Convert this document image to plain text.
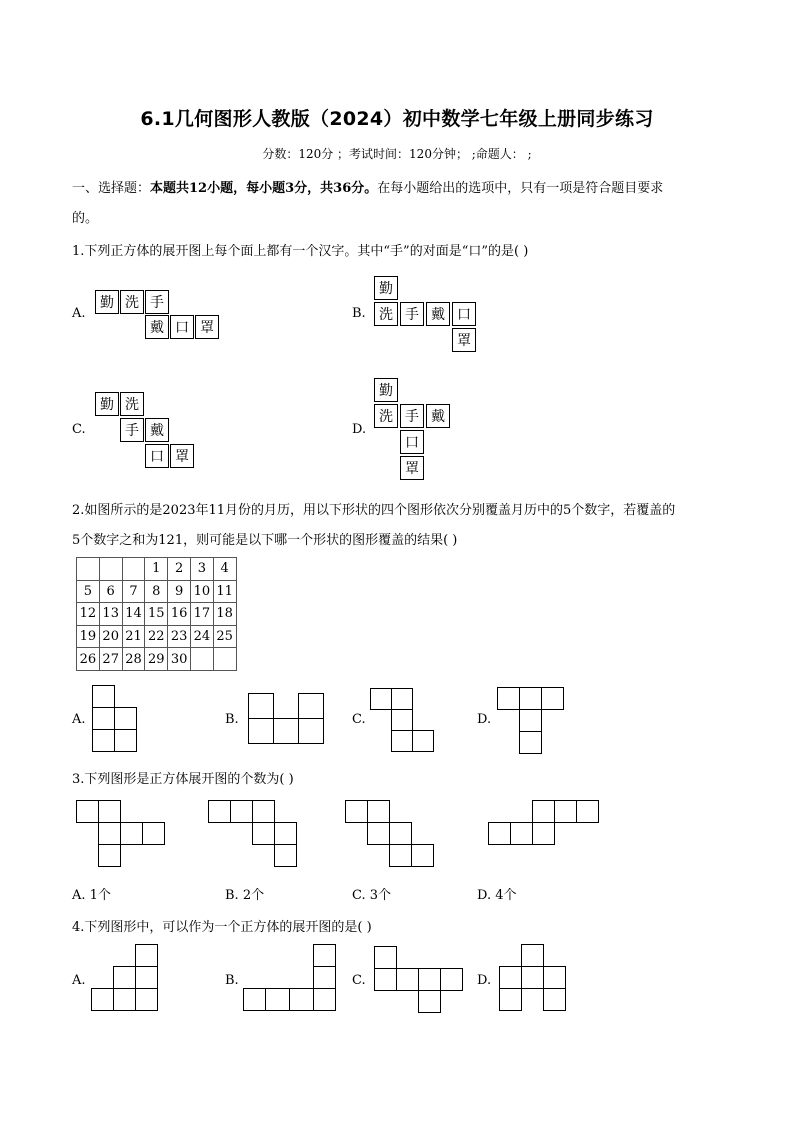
6.1几何图形人教版（2024）初中数学七年级上册同步练习
分数：120分 ；考试时间：120分钟； ;命题人： ;
一、选择题：本题共12小题，每小题3分，共36分。在每小题给出的选项中，只有一项是符合题目要求
的。
1.下列正方体的展开图上每个面上都有一个汉字。其中“手”的对面是“口”的是( )
A.
勤 洗 手
戴 口 罩
B.
勤
洗 手 戴 口
罩
C.
勤 洗
手 戴
口 罩
D.
勤
洗 手 戴
口
罩
2.如图所示的是2023年11月份的月历，用以下形状的四个图形依次分别覆盖月历中的5个数字，若覆盖的
5个数字之和为121，则可能是以下哪一个形状的图形覆盖的结果( )
			1	2	3	4
5	6	7	8	9	10	11
12	13	14	15	16	17	18
19	20	21	22	23	24	25
26	27	28	29	30		
A.	B.	C.	D.
3.下列图形是正方体展开图的个数为( )
A. 1个	B. 2个	C. 3个	D. 4个
4.下列图形中，可以作为一个正方体的展开图的是( )
A.	B.	C.	D.
